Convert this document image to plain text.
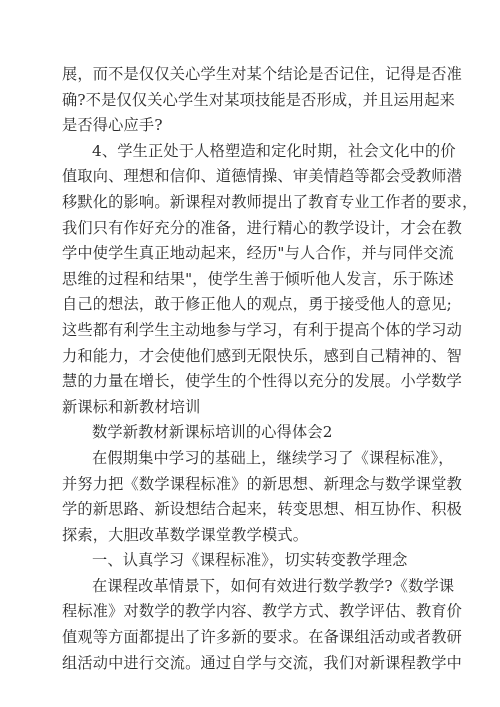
展，而不是仅仅关心学生对某个结论是否记住，记得是否准
确?不是仅仅关心学生对某项技能是否形成，并且运用起来
是否得心应手?
4、学生正处于人格塑造和定化时期，社会文化中的价
值取向、理想和信仰、道德情操、审美情趋等都会受教师潜
移默化的影响。新课程对教师提出了教育专业工作者的要求，
我们只有作好充分的准备，进行精心的教学设计，才会在教
学中使学生真正地动起来，经历"与人合作，并与同伴交流
思维的过程和结果"，使学生善于倾听他人发言，乐于陈述
自己的想法，敢于修正他人的观点，勇于接受他人的意见;
这些都有利学生主动地参与学习，有利于提高个体的学习动
力和能力，才会使他们感到无限快乐，感到自己精神的、智
慧的力量在增长，使学生的个性得以充分的发展。小学数学
新课标和新教材培训
数学新教材新课标培训的心得体会2
在假期集中学习的基础上，继续学习了《课程标准》，
并努力把《数学课程标准》的新思想、新理念与数学课堂教
学的新思路、新设想结合起来，转变思想、相互协作、积极
探索，大胆改革数学课堂教学模式。
一、认真学习《课程标准》，切实转变教学理念
在课程改革情景下，如何有效进行数学教学?《数学课
程标准》对数学的教学内容、教学方式、教学评估、教育价
值观等方面都提出了许多新的要求。在备课组活动或者教研
组活动中进行交流。通过自学与交流，我们对新课程教学中
